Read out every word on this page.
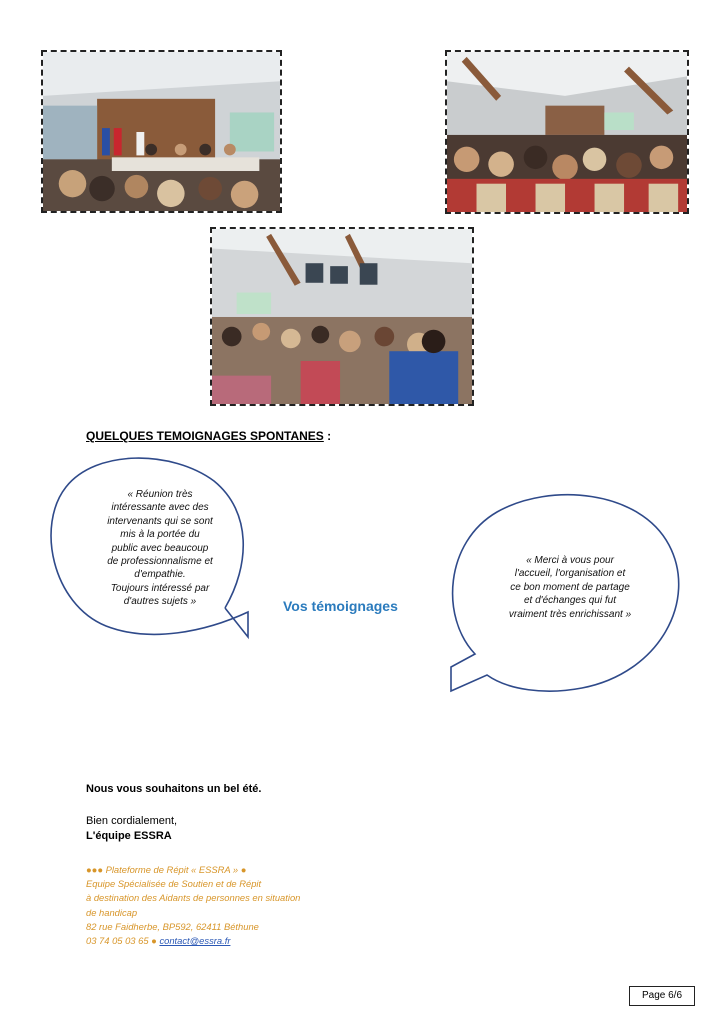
QUELQUES TEMOIGNAGES SPONTANES :
« Réunion très
intéressante avec des
intervenants qui se sont
mis à la portée du
public avec beaucoup
de professionnalisme et
d'empathie.
Toujours intéressé par
d'autres sujets »	Vos témoignages
« Merci à vous pour
l'accueil, l'organisation et
ce bon moment de partage
et d'échanges qui fut
vraiment très enrichissant »
Nous vous souhaitons un bel été.
Bien cordialement,
L'équipe ESSRA
●●● Plateforme de Répit « ESSRA » ●
Equipe Spécialisée de Soutien et de Répit
à destination des Aidants de personnes en situation
de handicap
82 rue Faidherbe, BP592, 62411 Béthune
03 74 05 03 65 ● contact@essra.fr
Page 6/6
